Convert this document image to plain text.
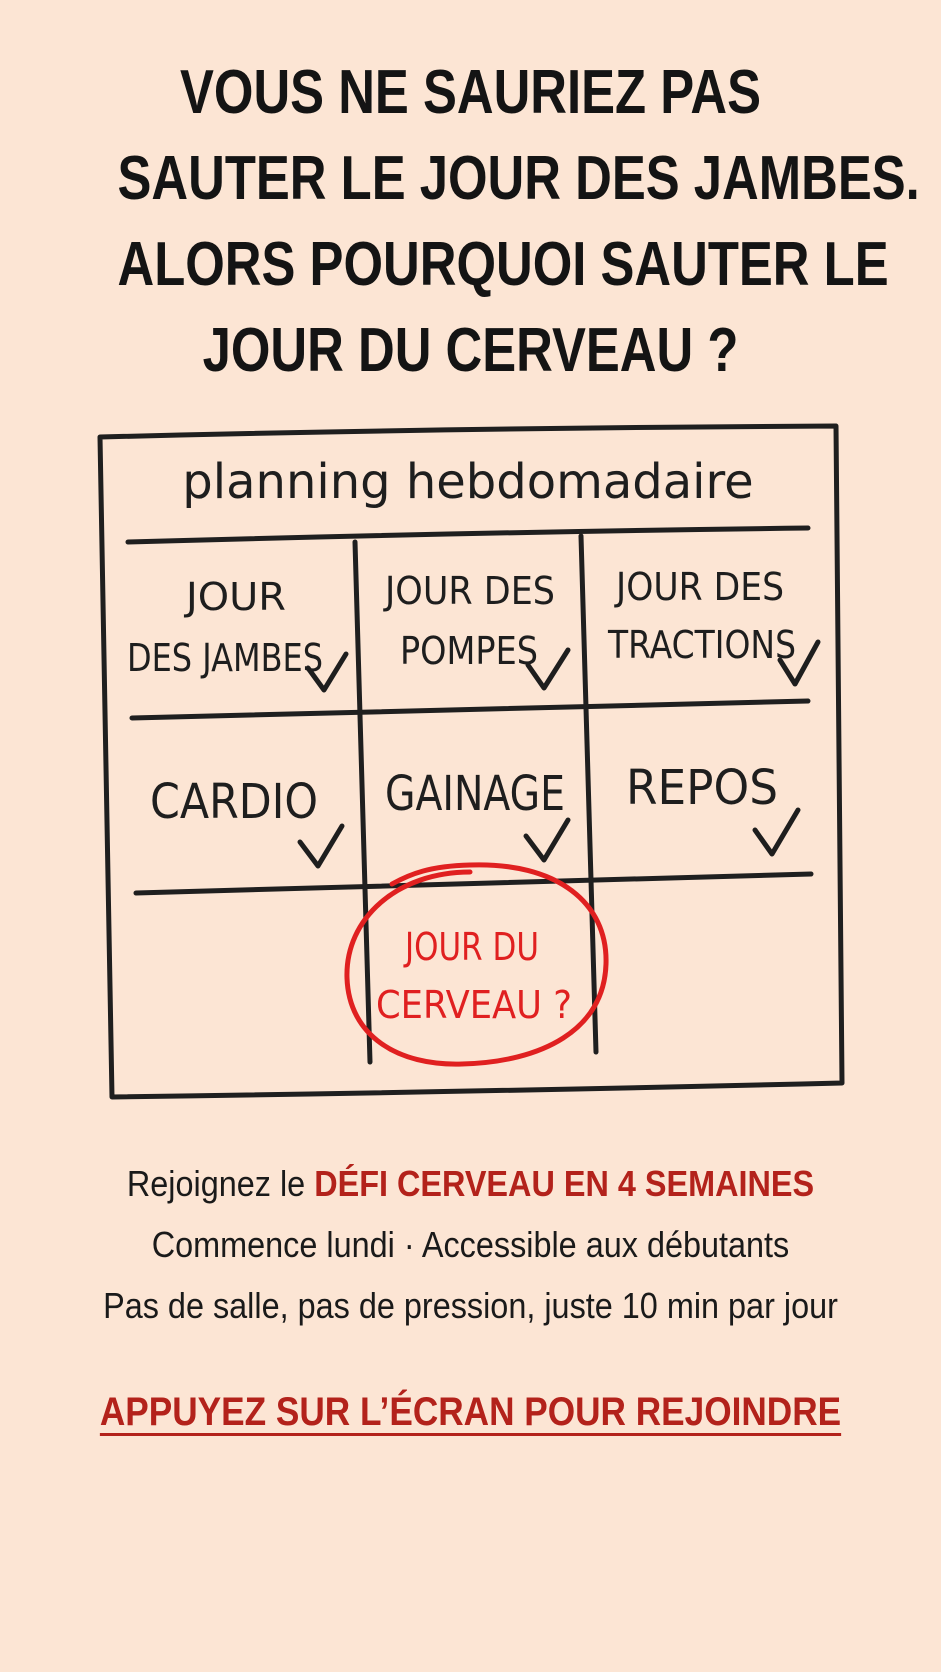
VOUS NE SAURIEZ PAS
SAUTER LE JOUR DES JAMBES.
ALORS POURQUOI SAUTER LE
JOUR DU CERVEAU ?
planning hebdomadaire
JOUR
DES JAMBES
JOUR DES
POMPES
JOUR DES
TRACTIONS
CARDIO GAINAGE REPOS
JOUR DU
CERVEAU ?
Rejoignez le DÉFI CERVEAU EN 4 SEMAINES
Commence lundi · Accessible aux débutants
Pas de salle, pas de pression, juste 10 min par jour
APPUYEZ SUR L’ÉCRAN POUR REJOINDRE
